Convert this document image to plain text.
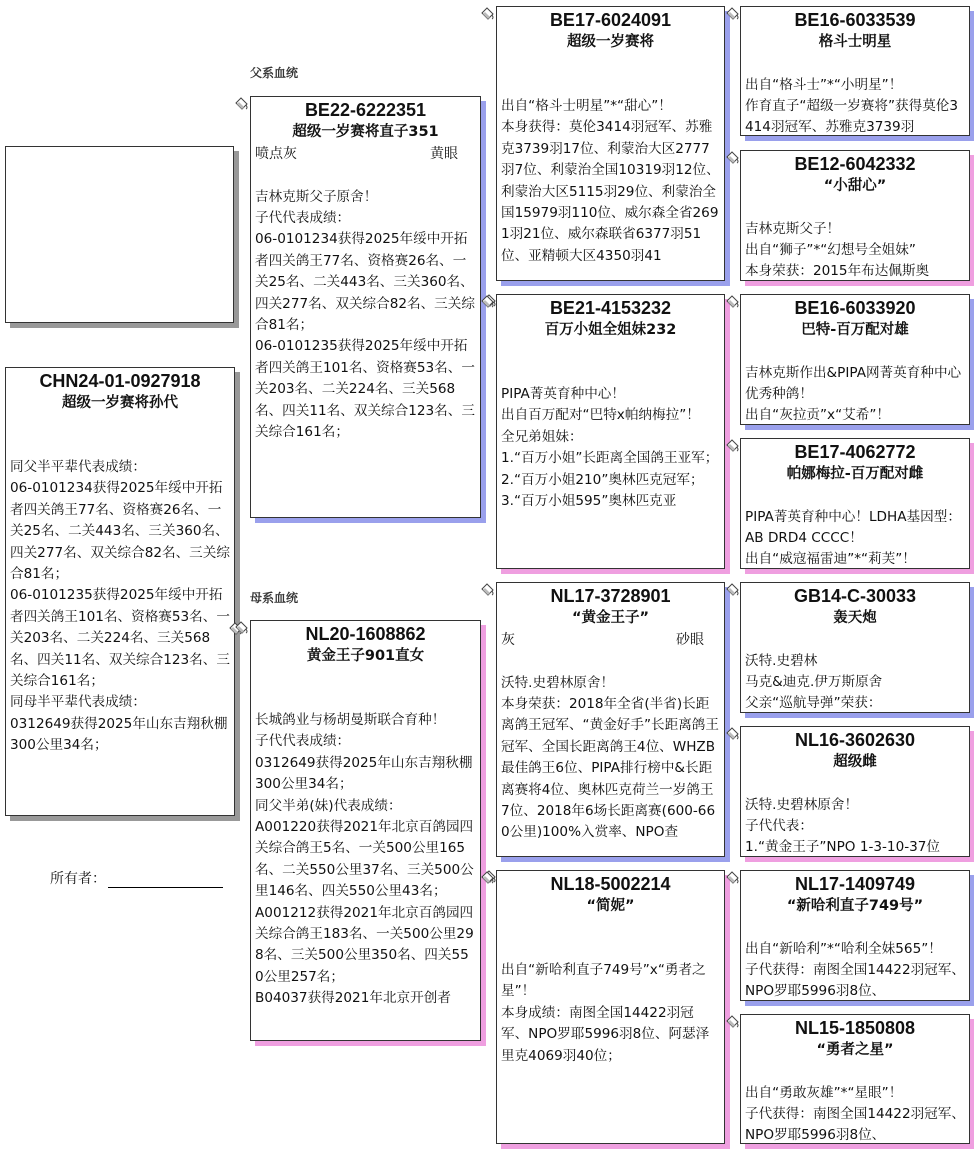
CHN24-01-0927918
超级一岁赛将孙代
同父半平辈代表成绩：
06-0101234获得2025年绥中开拓者四关鸽王77名、资格赛26名、一关25名、二关443名、三关360名、四关277名、双关综合82名、三关综合81名；
06-0101235获得2025年绥中开拓者四关鸽王101名、资格赛53名、一关203名、二关224名、三关568名、四关11名、双关综合123名、三关综合161名；
同母半平辈代表成绩：
0312649获得2025年山东吉翔秋棚300公里34名；
所有者：
父系血统
BE22-6222351
超级一岁赛将直子351
喷点灰	黄眼
吉林克斯父子原舍！
子代代表成绩：
06-0101234获得2025年绥中开拓者四关鸽王77名、资格赛26名、一关25名、二关443名、三关360名、四关277名、双关综合82名、三关综合81名；
06-0101235获得2025年绥中开拓者四关鸽王101名、资格赛53名、一关203名、二关224名、三关568名、四关11名、双关综合123名、三关综合161名；
母系血统
NL20-1608862
黄金王子901直女
长城鸽业与杨胡曼斯联合育种！
子代代表成绩：
0312649获得2025年山东吉翔秋棚300公里34名；
同父半弟(妹)代表成绩：
A001220获得2021年北京百鸽园四关综合鸽王5名、一关500公里165名、二关550公里37名、三关500公里146名、四关550公里43名；
A001212获得2021年北京百鸽园四关综合鸽王183名、一关500公里298名、三关500公里350名、四关550公里257名；
B04037获得2021年北京开创者
BE17-6024091
超级一岁赛将
出自“格斗士明星”*“甜心”！
本身获得：莫伦3414羽冠军、苏雅克3739羽17位、利蒙治大区2777羽7位、利蒙治全国10319羽12位、利蒙治大区5115羽29位、利蒙治全国15979羽110位、威尔森全省2691羽21位、威尔森联省6377羽51位、亚精顿大区4350羽41
BE21-4153232
百万小姐全姐妹232
PIPA菁英育种中心！
出自百万配对“巴特x帕纳梅拉”！
全兄弟姐妹：
1.“百万小姐”长距离全国鸽王亚军；
2.“百万小姐210”奥林匹克冠军；
3.“百万小姐595”奥林匹克亚
NL17-3728901
“黄金王子”
灰	砂眼
沃特.史碧林原舍！
本身荣获：2018年全省(半省)长距离鸽王冠军、“黄金好手”长距离鸽王冠军、全国长距离鸽王4位、WHZB最佳鸽王6位、PIPA排行榜中&长距离赛将4位、奥林匹克荷兰一岁鸽王7位、2018年6场长距离赛(600-660公里)100%入赏率、NPO查
NL18-5002214
“简妮”
出自“新哈利直子749号”x“勇者之星”！
本身成绩：南图全国14422羽冠军、NPO罗耶5996羽8位、阿瑟泽里克4069羽40位；
BE16-6033539
格斗士明星
出自“格斗士”*“小明星”！
作育直子“超级一岁赛将”获得莫伦3414羽冠军、苏雅克3739羽
BE12-6042332
“小甜心”
吉林克斯父子！
出自“狮子”*“幻想号全姐妹”
本身荣获：2015年布达佩斯奥
BE16-6033920
巴特-百万配对雄
吉林克斯作出&PIPA网菁英育种中心优秀种鸽！
出自“灰拉贡”x“艾希”！
BE17-4062772
帕娜梅拉-百万配对雌
PIPA菁英育种中心！LDHA基因型：AB DRD4 CCCC！
出自“威寇福雷迪”*“莉芙”！
GB14-C-30033
轰天炮
沃特.史碧林
马克&迪克.伊万斯原舍
父亲“巡航导弹”荣获：
NL16-3602630
超级雌
沃特.史碧林原舍！
子代代表：
1.“黄金王子”NPO 1-3-10-37位
NL17-1409749
“新哈利直子749号”
出自“新哈利”*“哈利全妹565”！
子代获得：南图全国14422羽冠军、NPO罗耶5996羽8位、
NL15-1850808
“勇者之星”
出自“勇敢灰雄”*“星眼”！
子代获得：南图全国14422羽冠军、NPO罗耶5996羽8位、
